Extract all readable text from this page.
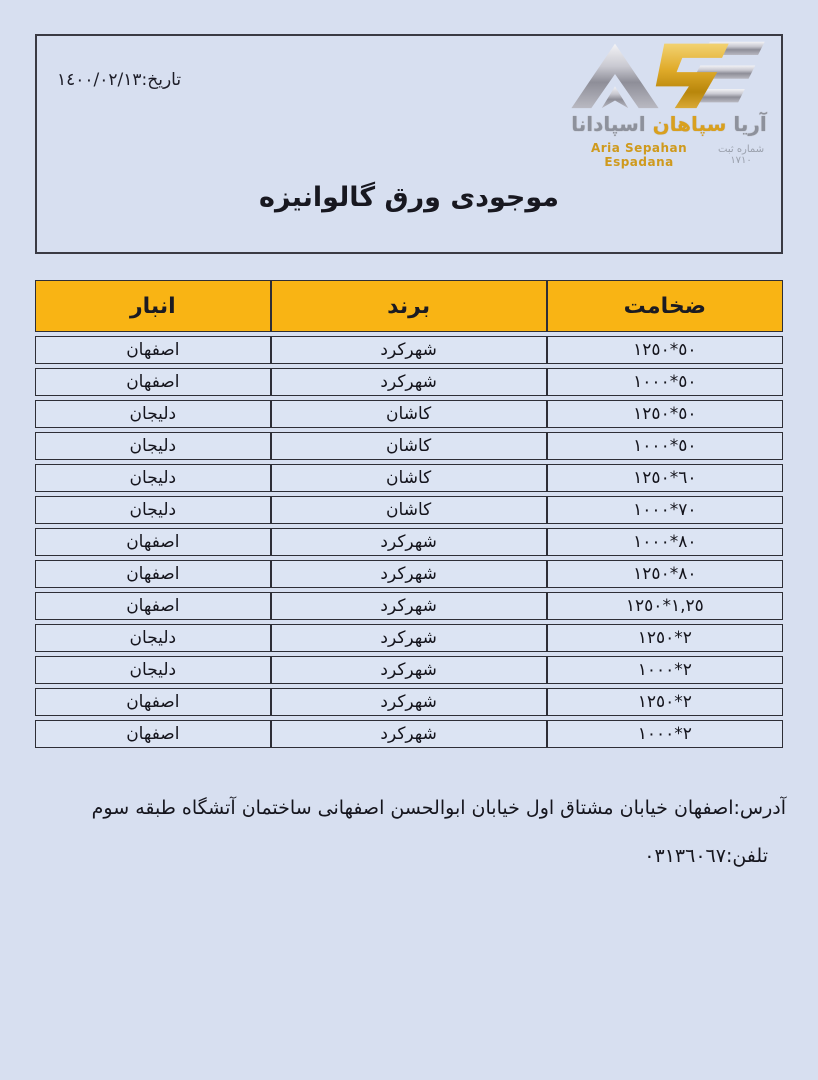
تاریخ:١٤٠٠/٠٢/١٣
آریا سپاهان اسپادانا
Aria Sepahan Espadana
شماره ثبت ١٧١٠
موجودی ورق گالوانیزه
ضخامت	برند	انبار
٥٠*١٢٥٠	شهرکرد	اصفهان
٥٠*١٠٠٠	شهرکرد	اصفهان
٥٠*١٢٥٠	کاشان	دلیجان
٥٠*١٠٠٠	کاشان	دلیجان
٦٠*١٢٥٠	کاشان	دلیجان
٧٠*١٠٠٠	کاشان	دلیجان
٨٠*١٠٠٠	شهرکرد	اصفهان
٨٠*١٢٥٠	شهرکرد	اصفهان
١,٢٥*١٢٥٠	شهرکرد	اصفهان
٢*١٢٥٠	شهرکرد	دلیجان
٢*١٠٠٠	شهرکرد	دلیجان
٢*١٢٥٠	شهرکرد	اصفهان
٢*١٠٠٠	شهرکرد	اصفهان
آدرس:اصفهان خیابان مشتاق اول خیابان ابوالحسن اصفهانی ساختمان آتشگاه طبقه سوم
تلفن:٠٣١٣٦٠٦٧
